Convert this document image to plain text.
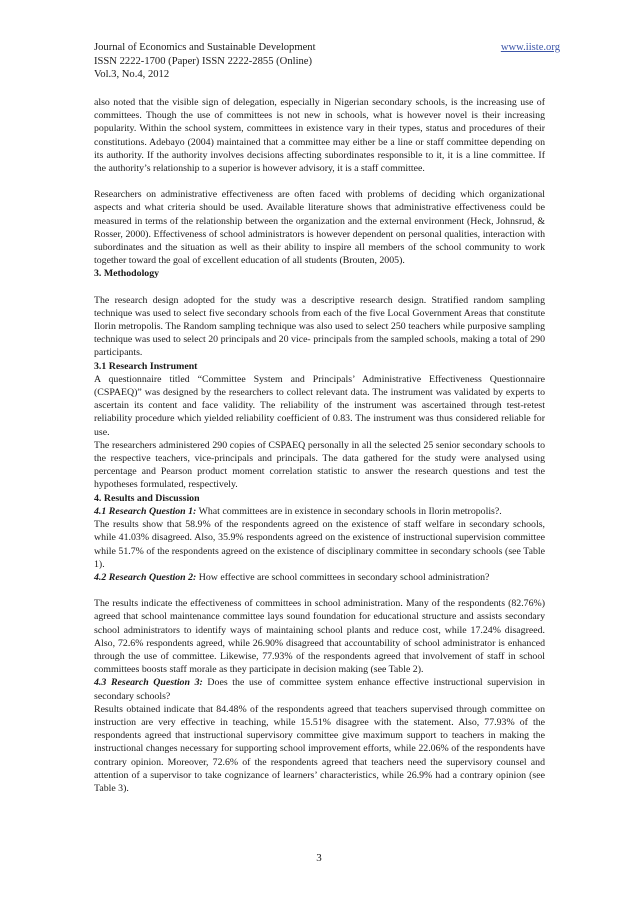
Journal of Economics and Sustainable Development
ISSN 2222-1700 (Paper) ISSN 2222-2855 (Online)
Vol.3, No.4, 2012
www.iiste.org

also noted that the visible sign of delegation, especially in Nigerian secondary schools, is the increasing use of committees. Though the use of committees is not new in schools, what is however novel is their increasing popularity. Within the school system, committees in existence vary in their types, status and procedures of their constitutions. Adebayo (2004) maintained that a committee may either be a line or staff committee depending on its authority. If the authority involves decisions affecting subordinates responsible to it, it is a line committee. If the authority’s relationship to a superior is however advisory, it is a staff committee.

Researchers on administrative effectiveness are often faced with problems of deciding which organizational aspects and what criteria should be used. Available literature shows that administrative effectiveness could be measured in terms of the relationship between the organization and the external environment (Heck, Johnsrud, & Rosser, 2000). Effectiveness of school administrators is however dependent on personal qualities, interaction with subordinates and the situation as well as their ability to inspire all members of the school community to work together toward the goal of excellent education of all students (Brouten, 2005).

3. Methodology

The research design adopted for the study was a descriptive research design. Stratified random sampling technique was used to select five secondary schools from each of the five Local Government Areas that constitute Ilorin metropolis. The Random sampling technique was also used to select 250 teachers while purposive sampling technique was used to select 20 principals and 20 vice- principals from the sampled schools, making a total of 290 participants.

3.1 Research Instrument

A questionnaire titled “Committee System and Principals’ Administrative Effectiveness Questionnaire (CSPAEQ)” was designed by the researchers to collect relevant data. The instrument was validated by experts to ascertain its content and face validity. The reliability of the instrument was ascertained through test-retest reliability procedure which yielded reliability coefficient of 0.83. The instrument was thus considered reliable for use.

The researchers administered 290 copies of CSPAEQ personally in all the selected 25 senior secondary schools to the respective teachers, vice-principals and principals. The data gathered for the study were analysed using percentage and Pearson product moment correlation statistic to answer the research questions and test the hypotheses formulated, respectively.

4. Results and Discussion

4.1 Research Question 1: What committees are in existence in secondary schools in Ilorin metropolis?.

The results show that 58.9% of the respondents agreed on the existence of staff welfare in secondary schools, while 41.03% disagreed. Also, 35.9% respondents agreed on the existence of instructional supervision committee while 51.7% of the respondents agreed on the existence of disciplinary committee in secondary schools (see Table 1).

4.2 Research Question 2: How effective are school committees in secondary school administration?

The results indicate the effectiveness of committees in school administration. Many of the respondents (82.76%) agreed that school maintenance committee lays sound foundation for educational structure and assists secondary school administrators to identify ways of maintaining school plants and reduce cost, while 17.24% disagreed. Also, 72.6% respondents agreed, while 26.90% disagreed that accountability of school administrator is enhanced through the use of committee. Likewise, 77.93% of the respondents agreed that involvement of staff in school committees boosts staff morale as they participate in decision making (see Table 2).

4.3 Research Question 3: Does the use of committee system enhance effective instructional supervision in secondary schools?

Results obtained indicate that 84.48% of the respondents agreed that teachers supervised through committee on instruction are very effective in teaching, while 15.51% disagree with the statement. Also, 77.93% of the respondents agreed that instructional supervisory committee give maximum support to teachers in making the instructional changes necessary for supporting school improvement efforts, while 22.06% of the respondents have contrary opinion. Moreover, 72.6% of the respondents agreed that teachers need the supervisory counsel and attention of a supervisor to take cognizance of learners’ characteristics, while 26.9% had a contrary opinion (see Table 3).

3
